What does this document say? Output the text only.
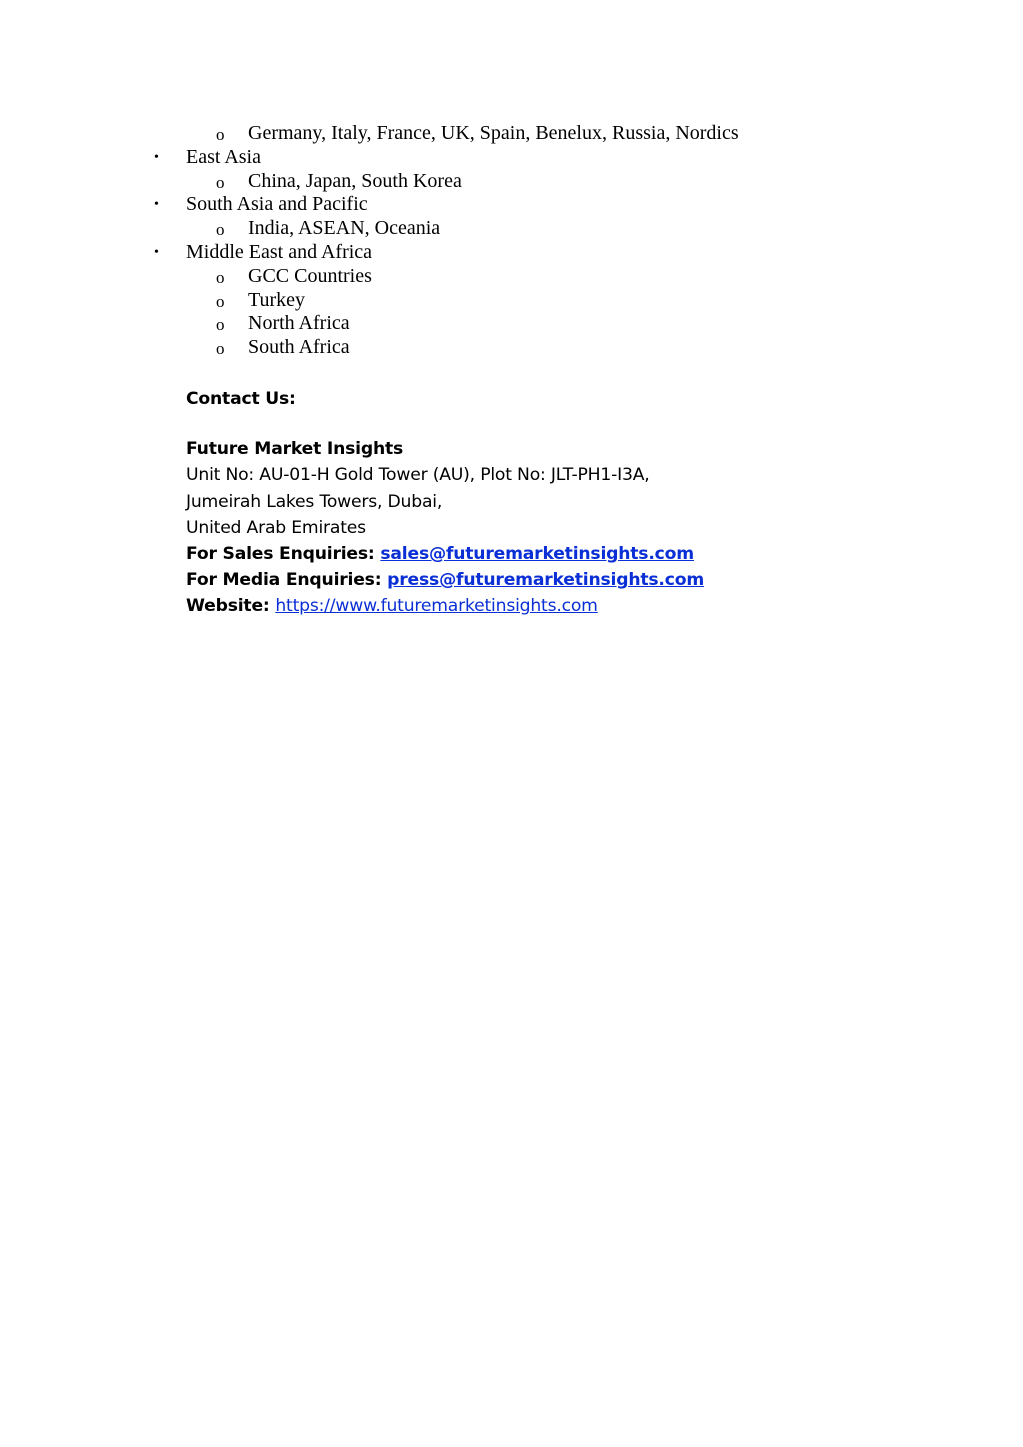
o Germany, Italy, France, UK, Spain, Benelux, Russia, Nordics
• East Asia
o China, Japan, South Korea
• South Asia and Pacific
o India, ASEAN, Oceania
• Middle East and Africa
o GCC Countries
o Turkey
o North Africa
o South Africa
Contact Us:
Future Market Insights
Unit No: AU-01-H Gold Tower (AU), Plot No: JLT-PH1-I3A,
Jumeirah Lakes Towers, Dubai,
United Arab Emirates
For Sales Enquiries: sales@futuremarketinsights.com
For Media Enquiries: press@futuremarketinsights.com
Website: https://www.futuremarketinsights.com
